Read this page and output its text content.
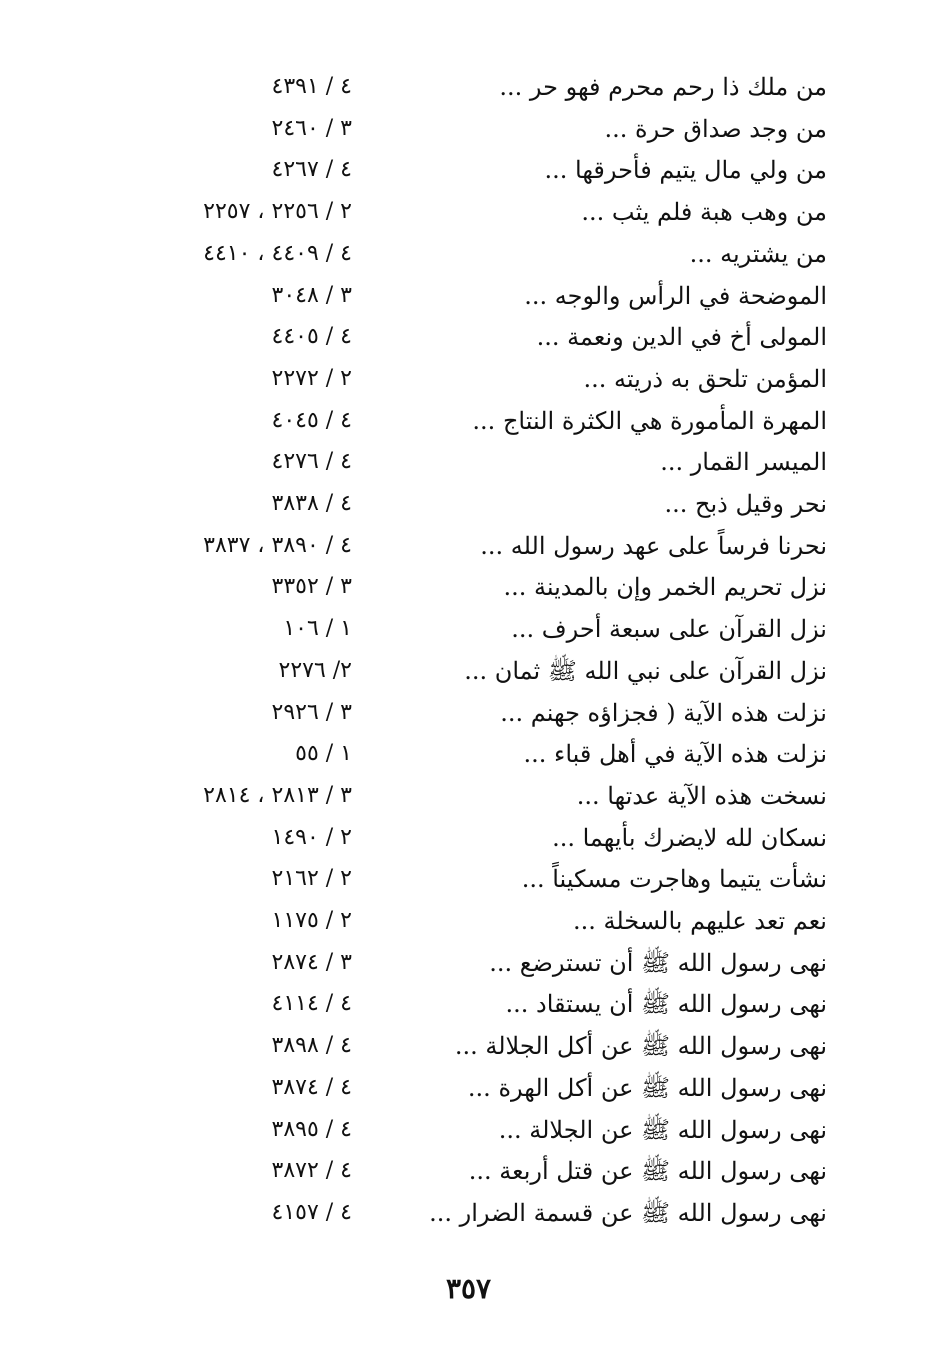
من ملك ذا رحم محرم فهو حر ...
٤ / ٤٣٩١
من وجد صداق حرة ...
٣ / ٢٤٦٠
من ولي مال يتيم فأحرقها ...
٤ / ٤٢٦٧
من وهب هبة فلم يثب ...
٢ / ٢٢٥٦ ، ٢٢٥٧
من يشتريه ...
٤ / ٤٤٠٩ ، ٤٤١٠
الموضحة في الرأس والوجه ...
٣ / ٣٠٤٨
المولى أخ في الدين ونعمة ...
٤ / ٤٤٠٥
المؤمن تلحق به ذريته ...
٢ / ٢٢٧٢
المهرة المأمورة هي الكثرة النتاج ...
٤ / ٤٠٤٥
الميسر القمار ...
٤ / ٤٢٧٦
نحر وقيل ذبح ...
٤ / ٣٨٣٨
نحرنا فرساً على عهد رسول الله ...
٤ / ٣٨٩٠ ، ٣٨٣٧
نزل تحريم الخمر وإن بالمدينة ...
٣ / ٣٣٥٢
نزل القرآن على سبعة أحرف ...
١ / ١٠٦
نزل القرآن على نبي الله ﷺ ثمان ...
٢/ ٢٢٧٦
نزلت هذه الآية ( فجزاؤه جهنم ...
٣ / ٢٩٢٦
نزلت هذه الآية في أهل قباء ...
١ / ٥٥
نسخت هذه الآية عدتها ...
٣ / ٢٨١٣ ، ٢٨١٤
نسكان لله لايضرك بأيهما ...
٢ / ١٤٩٠
نشأت يتيما وهاجرت مسكيناً ...
٢ / ٢١٦٢
نعم تعد عليهم بالسخلة ...
٢ / ١١٧٥
نهى رسول الله ﷺ أن تسترضع ...
٣ / ٢٨٧٤
نهى رسول الله ﷺ أن يستقاد ...
٤ / ٤١١٤
نهى رسول الله ﷺ عن أكل الجلالة ...
٤ / ٣٨٩٨
نهى رسول الله ﷺ عن أكل الهرة ...
٤ / ٣٨٧٤
نهى رسول الله ﷺ عن الجلالة ...
٤ / ٣٨٩٥
نهى رسول الله ﷺ عن قتل أربعة ...
٤ / ٣٨٧٢
نهى رسول الله ﷺ عن قسمة الضرار ...
٤ / ٤١٥٧
٣٥٧
